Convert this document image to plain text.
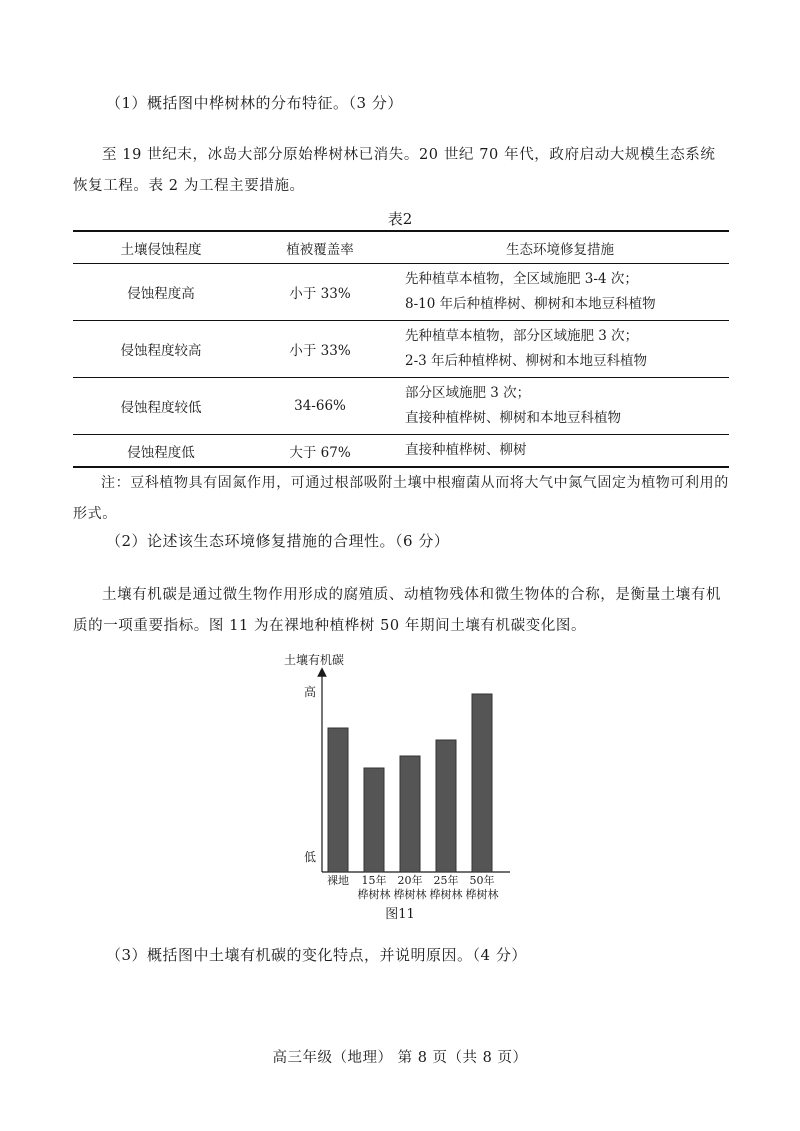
（1）概括图中桦树林的分布特征。（3 分）
至 19 世纪末，冰岛大部分原始桦树林已消失。20 世纪 70 年代，政府启动大规模生态系统恢复工程。表 2 为工程主要措施。
表2
土壤侵蚀程度	植被覆盖率	生态环境修复措施
侵蚀程度高	小于 33%	先种植草本植物，全区域施肥 3-4 次；
8-10 年后种植桦树、柳树和本地豆科植物

侵蚀程度较高	小于 33%	先种植草本植物，部分区域施肥 3 次；
2-3 年后种植桦树、柳树和本地豆科植物

侵蚀程度较低	34-66%	部分区域施肥 3 次；
直接种植桦树、柳树和本地豆科植物

侵蚀程度低	大于 67%	直接种植桦树、柳树
注：豆科植物具有固氮作用，可通过根部吸附土壤中根瘤菌从而将大气中氮气固定为植物可利用的形式。
（2）论述该生态环境修复措施的合理性。（6 分）
土壤有机碳是通过微生物作用形成的腐殖质、动植物残体和微生物体的合称，是衡量土壤有机质的一项重要指标。图 11 为在裸地种植桦树 50 年期间土壤有机碳变化图。
土壤有机碳
高
低
裸地 15年
桦树林
20年
桦树林
25年
桦树林
50年
桦树林
图11
（3）概括图中土壤有机碳的变化特点，并说明原因。（4 分）
高三年级（地理） 第 8 页（共 8 页）
